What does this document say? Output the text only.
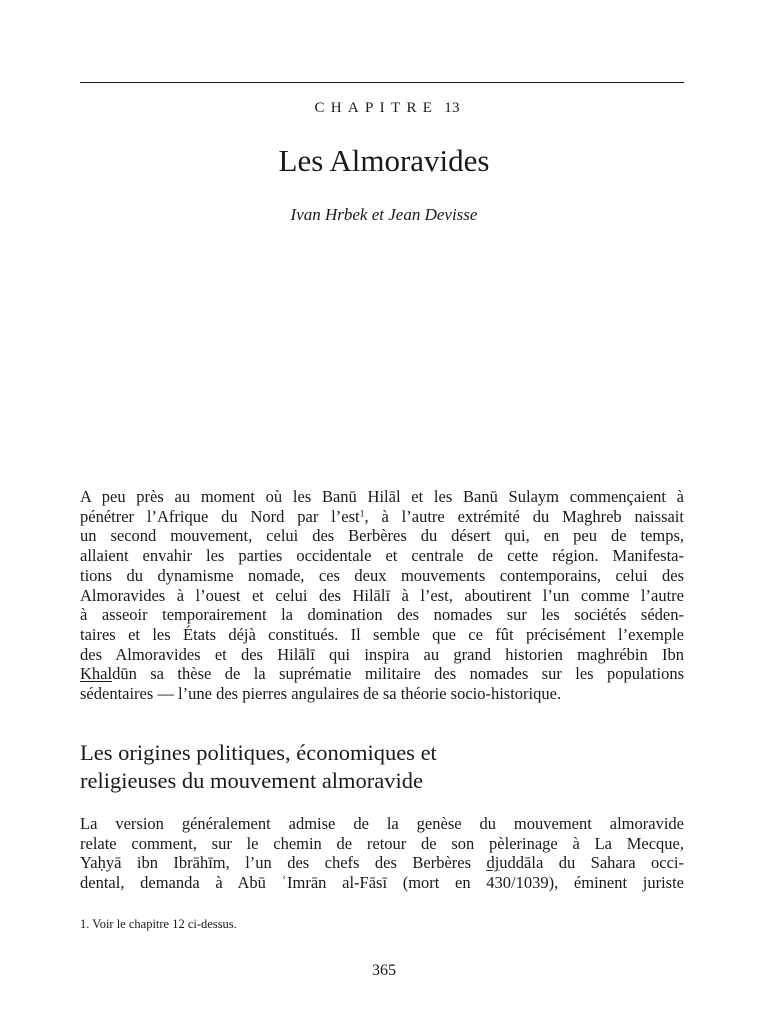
CHAPITRE 13
Les Almoravides
Ivan Hrbek et Jean Devisse

A peu près au moment où les Banū Hilāl et les Banū Sulaym commençaient à
pénétrer l’Afrique du Nord par l’est$^1$, à l’autre extrémité du Maghreb naissait
un second mouvement, celui des Berbères du désert qui, en peu de temps,
allaient envahir les parties occidentale et centrale de cette région. Manifesta-
tions du dynamisme nomade, ces deux mouvements contemporains, celui des
Almoravides à l’ouest et celui des Hilālī à l’est, aboutirent l’un comme l’autre
à asseoir temporairement la domination des nomades sur les sociétés séden-
taires et les États déjà constitués. Il semble que ce fût précisément l’exemple
des Almoravides et des Hilālī qui inspira au grand historien maghrébin Ibn
Khaldūn sa thèse de la suprématie militaire des nomades sur les populations
sédentaires — l’une des pierres angulaires de sa théorie socio-historique.

Les origines politiques, économiques et
religieuses du mouvement almoravide

La version généralement admise de la genèse du mouvement almoravide
relate comment, sur le chemin de retour de son pèlerinage à La Mecque,
Yaḥyā ibn Ibrāhīm, l’un des chefs des Berbères djuddāla du Sahara occi-
dental, demanda à Abū ʿImrān al-Fāsī (mort en 430/1039), éminent juriste

1. Voir le chapitre 12 ci-dessus.
365
